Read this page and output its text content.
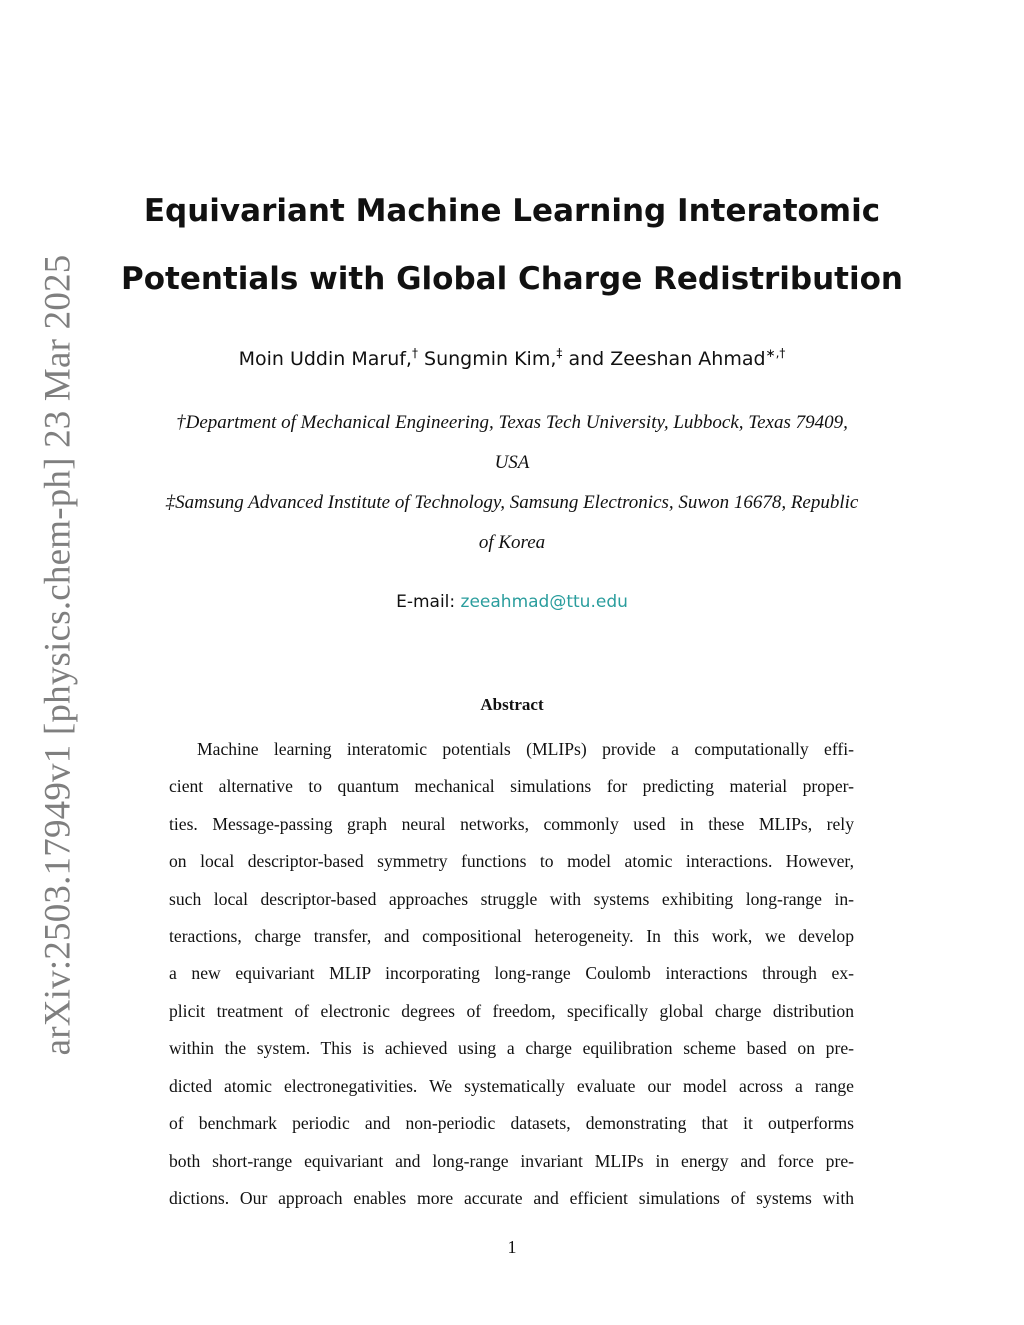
arXiv:2503.17949v1 [physics.chem-ph] 23 Mar 2025
Equivariant Machine Learning Interatomic
Potentials with Global Charge Redistribution
Moin Uddin Maruf,† Sungmin Kim,‡ and Zeeshan Ahmad∗,†
†Department of Mechanical Engineering, Texas Tech University, Lubbock, Texas 79409,
USA
‡Samsung Advanced Institute of Technology, Samsung Electronics, Suwon 16678, Republic
of Korea
E-mail: zeeahmad@ttu.edu
Abstract
Machine learning interatomic potentials (MLIPs) provide a computationally effi-
cient alternative to quantum mechanical simulations for predicting material proper-
ties. Message-passing graph neural networks, commonly used in these MLIPs, rely
on local descriptor-based symmetry functions to model atomic interactions. However,
such local descriptor-based approaches struggle with systems exhibiting long-range in-
teractions, charge transfer, and compositional heterogeneity. In this work, we develop
a new equivariant MLIP incorporating long-range Coulomb interactions through ex-
plicit treatment of electronic degrees of freedom, specifically global charge distribution
within the system. This is achieved using a charge equilibration scheme based on pre-
dicted atomic electronegativities. We systematically evaluate our model across a range
of benchmark periodic and non-periodic datasets, demonstrating that it outperforms
both short-range equivariant and long-range invariant MLIPs in energy and force pre-
dictions. Our approach enables more accurate and efficient simulations of systems with
1
